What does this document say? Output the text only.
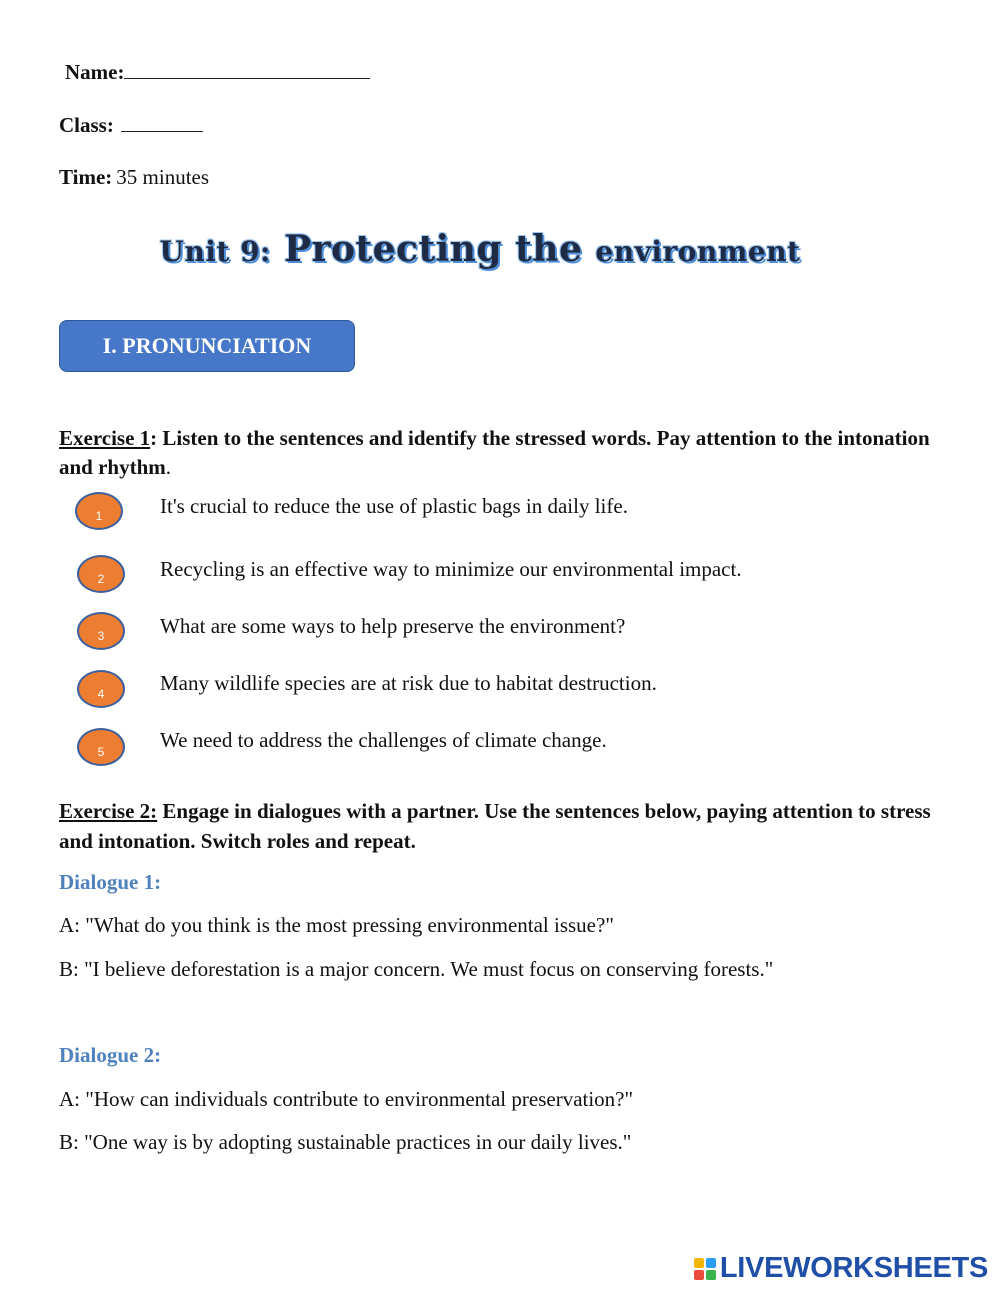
Name:
Class:
Time: 35 minutes
Unit 9: Protecting the environment
I. PRONUNCIATION
Exercise 1: Listen to the sentences and identify the stressed words. Pay attention to the intonation and rhythm.
1	It's crucial to reduce the use of plastic bags in daily life.
2	Recycling is an effective way to minimize our environmental impact.
3	What are some ways to help preserve the environment?
4	Many wildlife species are at risk due to habitat destruction.
5	We need to address the challenges of climate change.
Exercise 2: Engage in dialogues with a partner. Use the sentences below, paying attention to stress and intonation. Switch roles and repeat.
Dialogue 1:
A: "What do you think is the most pressing environmental issue?"
B: "I believe deforestation is a major concern. We must focus on conserving forests."
Dialogue 2:
A: "How can individuals contribute to environmental preservation?"
B: "One way is by adopting sustainable practices in our daily lives."
LIVEWORKSHEETS
